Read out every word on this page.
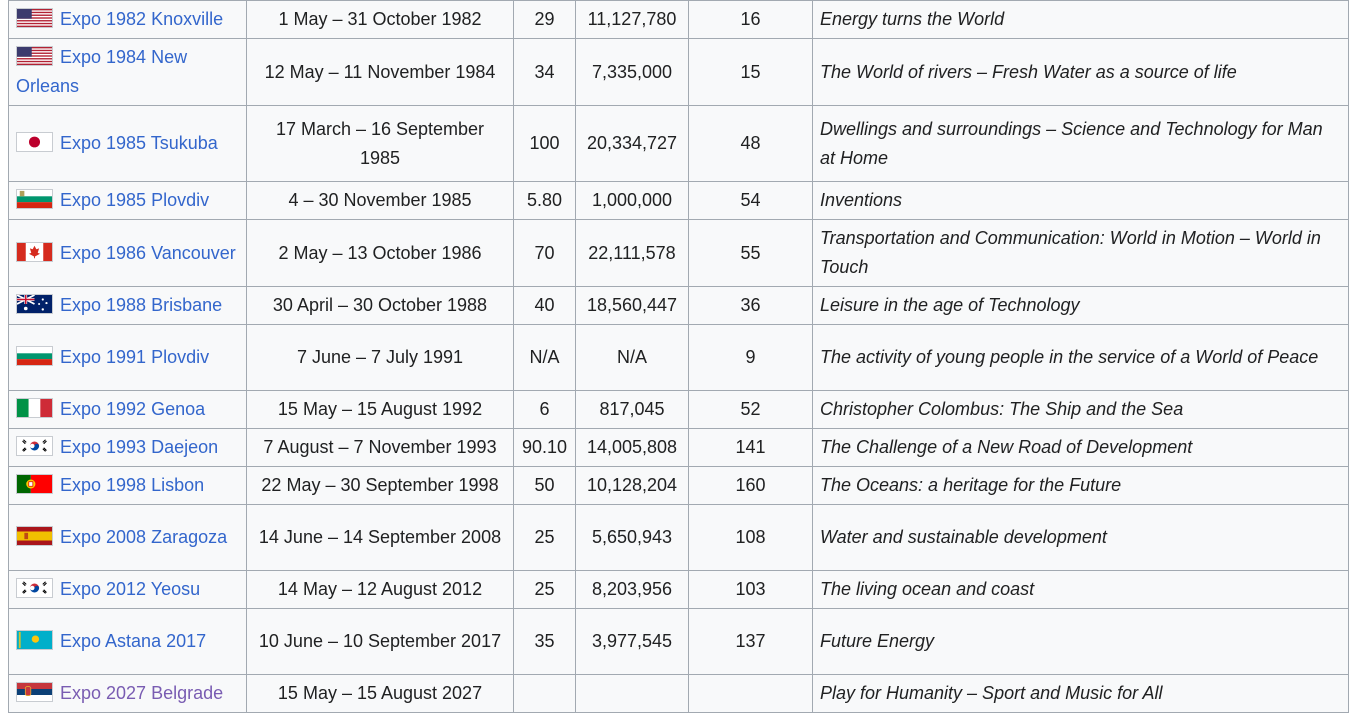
Expo 1982 Knoxville	1 May – 31 October 1982	29	11,127,780	16	Energy turns the World

Expo 1984 New Orleans	12 May – 11 November 1984	34	7,335,000	15	The World of rivers – Fresh Water as a source of life

Expo 1985 Tsukuba	17 March – 16 September 1985	100	20,334,727	48	Dwellings and surroundings – Science and Technology for Man at Home

Expo 1985 Plovdiv	4 – 30 November 1985	5.80	1,000,000	54	Inventions

Expo 1986 Vancouver	2 May – 13 October 1986	70	22,111,578	55	Transportation and Communication: World in Motion – World in Touch

Expo 1988 Brisbane	30 April – 30 October 1988	40	18,560,447	36	Leisure in the age of Technology

Expo 1991 Plovdiv	7 June – 7 July 1991	N/A	N/A	9	The activity of young people in the service of a World of Peace

Expo 1992 Genoa	15 May – 15 August 1992	6	817,045	52	Christopher Colombus: The Ship and the Sea

Expo 1993 Daejeon	7 August – 7 November 1993	90.10	14,005,808	141	The Challenge of a New Road of Development

Expo 1998 Lisbon	22 May – 30 September 1998	50	10,128,204	160	The Oceans: a heritage for the Future

Expo 2008 Zaragoza	14 June – 14 September 2008	25	5,650,943	108	Water and sustainable development

Expo 2012 Yeosu	14 May – 12 August 2012	25	8,203,956	103	The living ocean and coast

Expo Astana 2017	10 June – 10 September 2017	35	3,977,545	137	Future Energy

Expo 2027 Belgrade	15 May – 15 August 2027				Play for Humanity – Sport and Music for All
